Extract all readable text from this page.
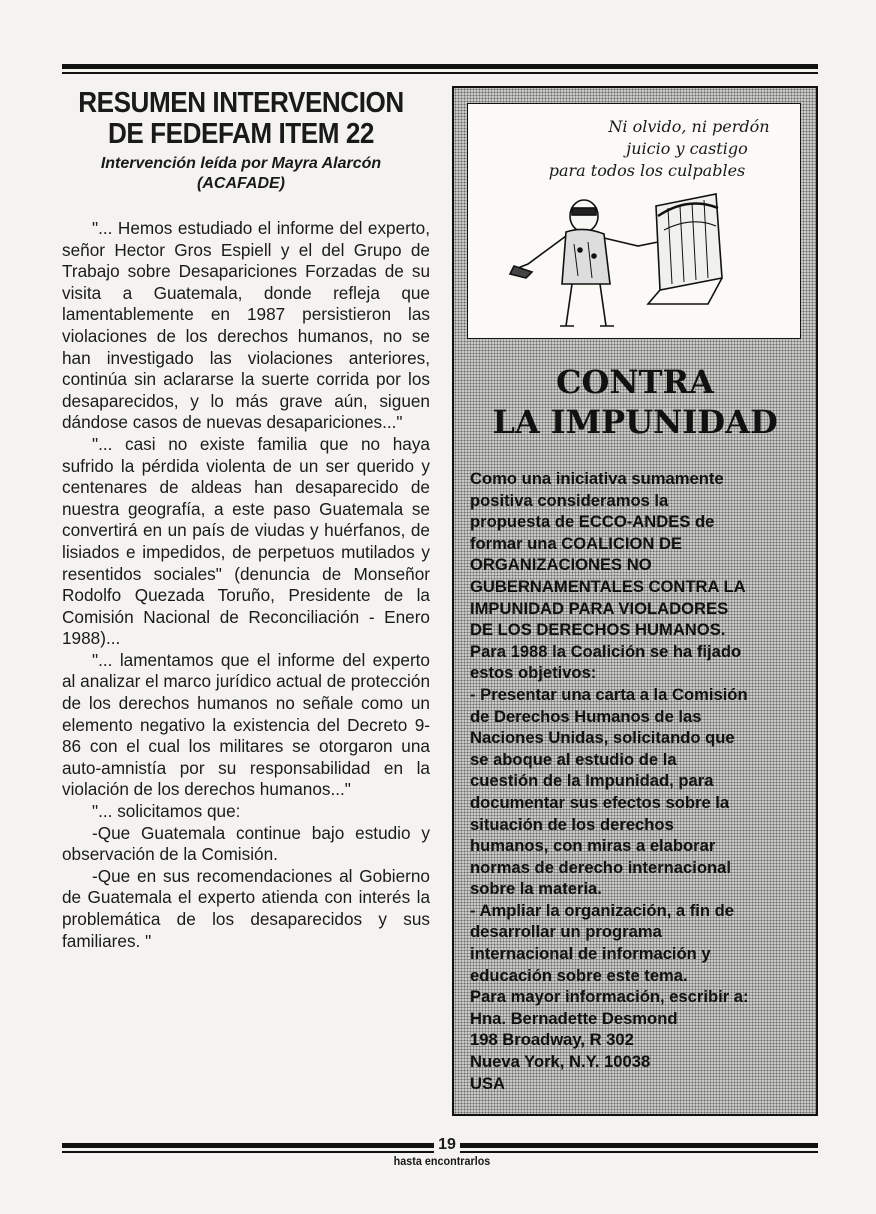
RESUMEN INTERVENCION
DE FEDEFAM ITEM 22
Intervención leída por Mayra Alarcón
(ACAFADE)

"... Hemos estudiado el informe del experto, señor Hector Gros Espiell y el del Grupo de Trabajo sobre Desapariciones Forzadas de su visita a Guatemala, donde refleja que lamentablemente en 1987 persistieron las violaciones de los derechos humanos, no se han investigado las violaciones anteriores, continúa sin aclararse la suerte corrida por los desaparecidos, y lo más grave aún, siguen dándose casos de nuevas desapariciones..."

"... casi no existe familia que no haya sufrido la pérdida violenta de un ser querido y centenares de aldeas han desaparecido de nuestra geografía, a este paso Guatemala se convertirá en un país de viudas y huérfanos, de lisiados e impedidos, de perpetuos mutilados y resentidos sociales" (denuncia de Monseñor Rodolfo Quezada Toruño, Presidente de la Comisión Nacional de Reconciliación - Enero 1988)...

"... lamentamos que el informe del experto al analizar el marco jurídico actual de protección de los derechos humanos no señale como un elemento negativo la existencia del Decreto 9-86 con el cual los militares se otorgaron una auto-amnistía por su responsabilidad en la violación de los derechos humanos..."

"... solicitamos que:

-Que Guatemala continue bajo estudio y observación de la Comisión.

-Que en sus recomendaciones al Gobierno de Guatemala el experto atienda con interés la problemática de los desaparecidos y sus familiares. "

Ni olvido, ni perdón
juicio y castigo
para todos los culpables
CONTRA
LA IMPUNIDAD
Como una iniciativa sumamente
positiva consideramos la
propuesta de ECCO-ANDES de
formar una COALICION DE
ORGANIZACIONES NO
GUBERNAMENTALES CONTRA LA
IMPUNIDAD PARA VIOLADORES
DE LOS DERECHOS HUMANOS.
Para 1988 la Coalición se ha fijado
estos objetivos:
- Presentar una carta a la Comisión
de Derechos Humanos de las
Naciones Unidas, solicitando que
se aboque al estudio de la
cuestión de la Impunidad, para
documentar sus efectos sobre la
situación de los derechos
humanos, con miras a elaborar
normas de derecho internacional
sobre la materia.
- Ampliar la organización, a fin de
desarrollar un programa
internacional de información y
educación sobre este tema.
Para mayor información, escribir a:
Hna. Bernadette Desmond
198 Broadway, R 302
Nueva York, N.Y. 10038
USA
19
hasta encontrarlos
